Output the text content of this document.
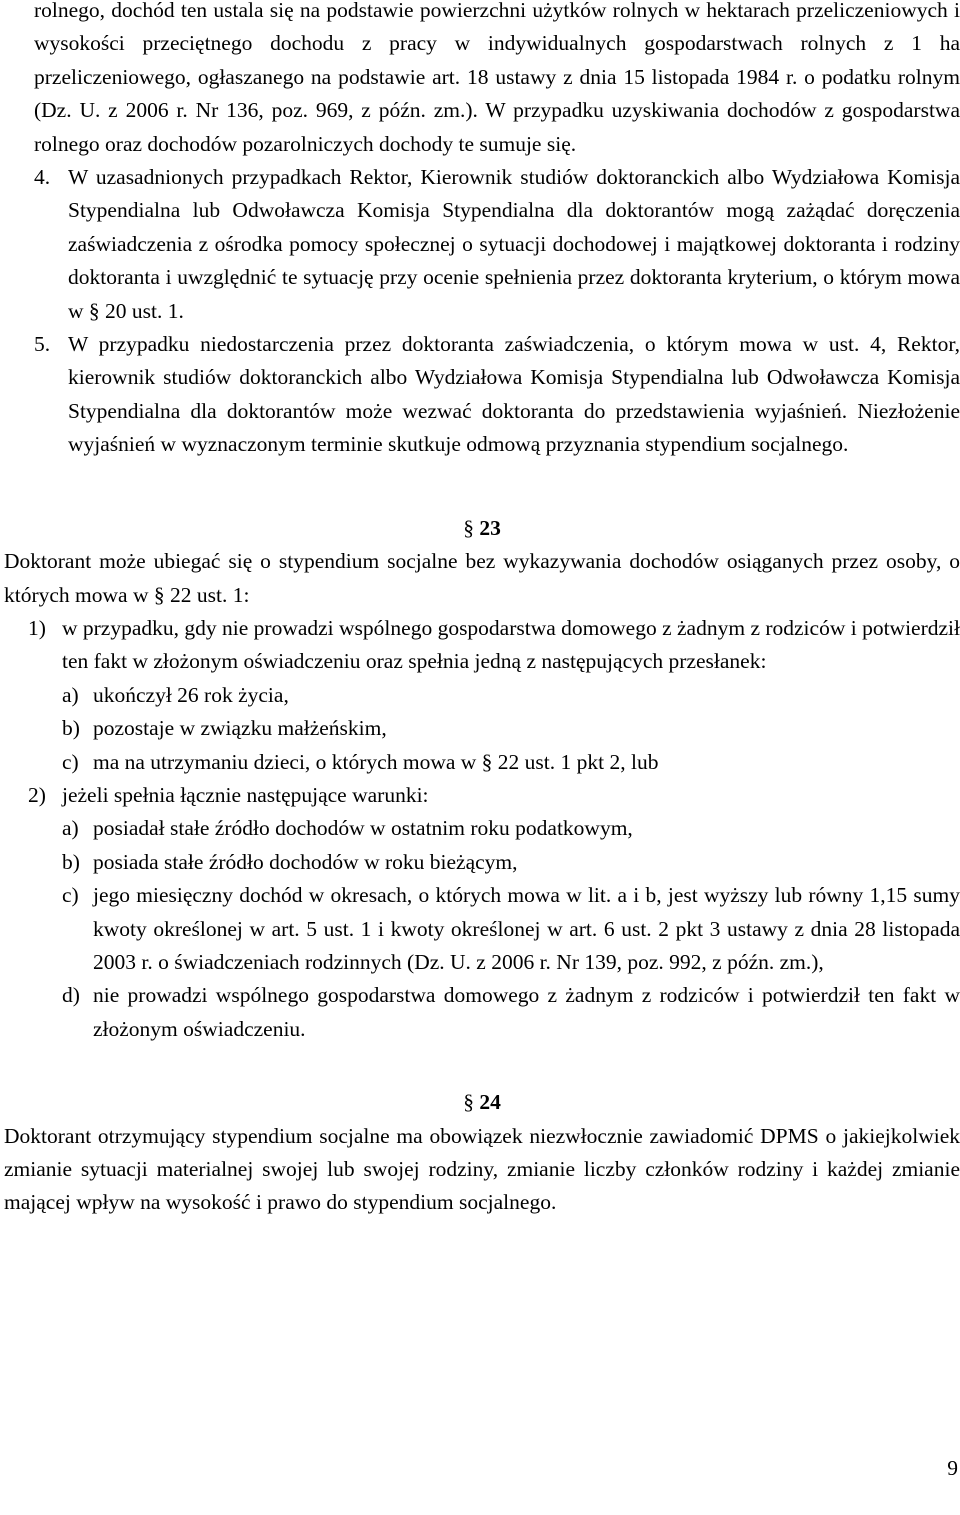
rolnego, dochód ten ustala się na podstawie powierzchni użytków rolnych w hektarach przeliczeniowych i wysokości przeciętnego dochodu z pracy w indywidualnych gospodarstwach rolnych z 1 ha przeliczeniowego, ogłaszanego na podstawie art. 18 ustawy z dnia 15 listopada 1984 r. o podatku rolnym (Dz. U. z 2006 r. Nr 136, poz. 969, z późn. zm.). W przypadku uzyskiwania dochodów z gospodarstwa rolnego oraz dochodów pozarolniczych dochody te sumuje się.

4. W uzasadnionych przypadkach Rektor, Kierownik studiów doktoranckich albo Wydziałowa Komisja Stypendialna lub Odwoławcza Komisja Stypendialna dla doktorantów mogą zażądać doręczenia zaświadczenia z ośrodka pomocy społecznej o sytuacji dochodowej i majątkowej doktoranta i rodziny doktoranta i uwzględnić te sytuację przy ocenie spełnienia przez doktoranta kryterium, o którym mowa w § 20 ust. 1.

5. W przypadku niedostarczenia przez doktoranta zaświadczenia, o którym mowa w ust. 4, Rektor, kierownik studiów doktoranckich albo Wydziałowa Komisja Stypendialna lub Odwoławcza Komisja Stypendialna dla doktorantów może wezwać doktoranta do przedstawienia wyjaśnień. Niezłożenie wyjaśnień w wyznaczonym terminie skutkuje odmową przyznania stypendium socjalnego.

§ 23

Doktorant może ubiegać się o stypendium socjalne bez wykazywania dochodów osiąganych przez osoby, o których mowa w § 22 ust. 1:

1) w przypadku, gdy nie prowadzi wspólnego gospodarstwa domowego z żadnym z rodziców i potwierdził ten fakt w złożonym oświadczeniu oraz spełnia jedną z następujących przesłanek:

a) ukończył 26 rok życia,

b) pozostaje w związku małżeńskim,

c) ma na utrzymaniu dzieci, o których mowa w § 22 ust. 1 pkt 2, lub

2) jeżeli spełnia łącznie następujące warunki:

a) posiadał stałe źródło dochodów w ostatnim roku podatkowym,

b) posiada stałe źródło dochodów w roku bieżącym,

c) jego miesięczny dochód w okresach, o których mowa w lit. a i b, jest wyższy lub równy 1,15 sumy kwoty określonej w art. 5 ust. 1 i kwoty określonej w art. 6 ust. 2 pkt 3 ustawy z dnia 28 listopada 2003 r. o świadczeniach rodzinnych (Dz. U. z 2006 r. Nr 139, poz. 992, z późn. zm.),

d) nie prowadzi wspólnego gospodarstwa domowego z żadnym z rodziców i potwierdził ten fakt w złożonym oświadczeniu.

§ 24

Doktorant otrzymujący stypendium socjalne ma obowiązek niezwłocznie zawiadomić DPMS o jakiejkolwiek zmianie sytuacji materialnej swojej lub swojej rodziny, zmianie liczby członków rodziny i każdej zmianie mającej wpływ na wysokość i prawo do stypendium socjalnego.

9
